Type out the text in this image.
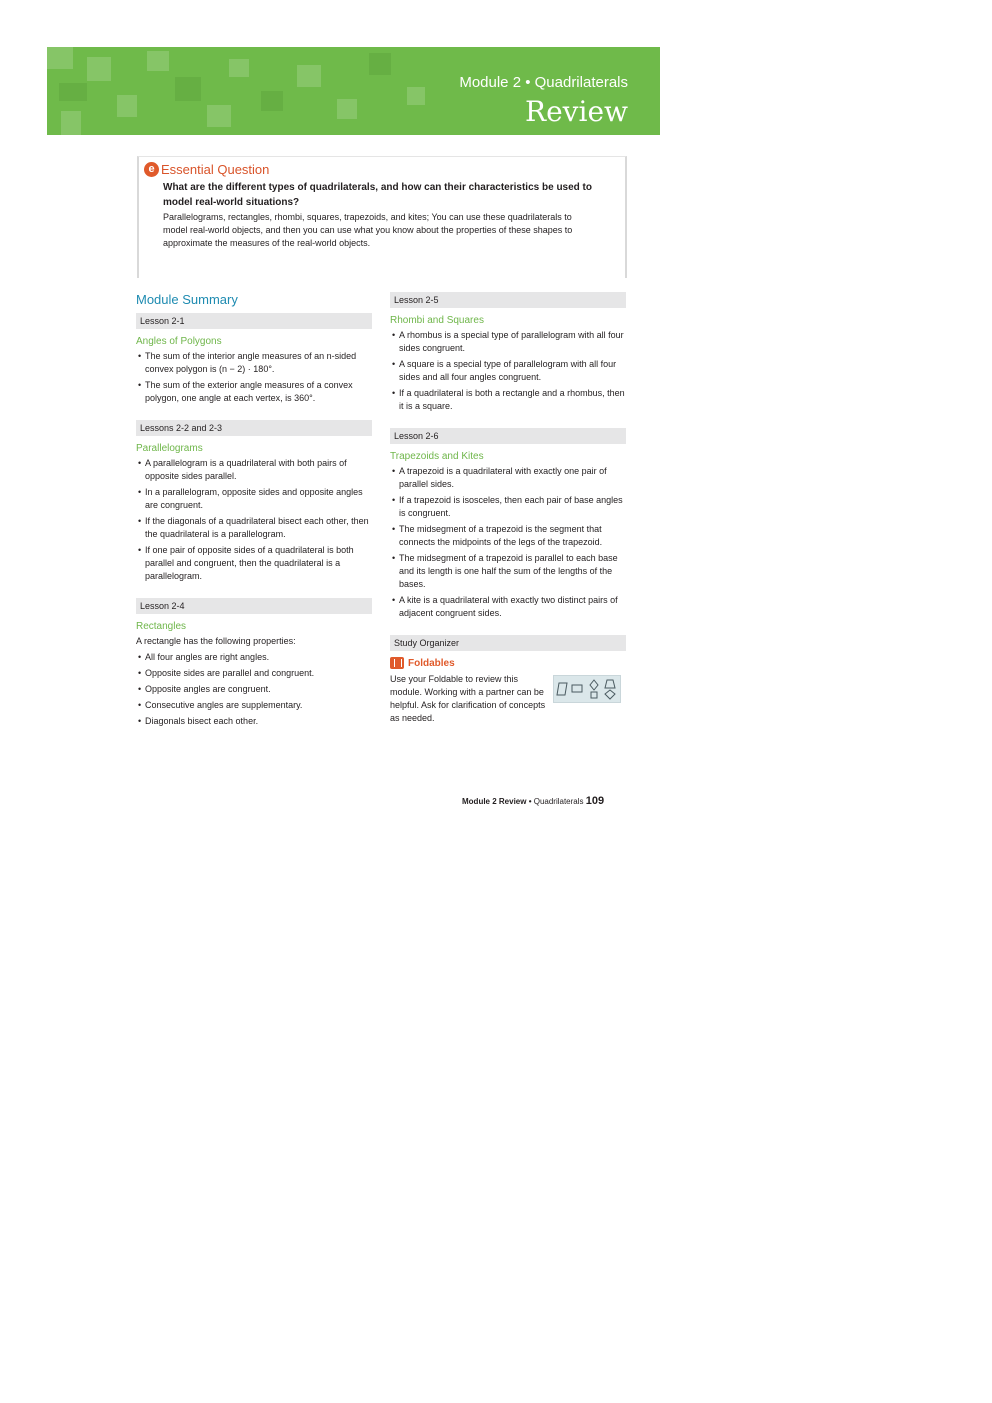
Module 2 • Quadrilaterals
Review
e Essential Question
What are the different types of quadrilaterals, and how can their characteristics be used to model real-world situations?
Parallelograms, rectangles, rhombi, squares, trapezoids, and kites; You can use these quadrilaterals to model real-world objects, and then you can use what you know about the properties of these shapes to approximate the measures of the real-world objects.
Module Summary
Lesson 2-1
Angles of Polygons
• The sum of the interior angle measures of an n-sided convex polygon is (n − 2) · 180°.
• The sum of the exterior angle measures of a convex polygon, one angle at each vertex, is 360°.
Lessons 2-2 and 2-3
Parallelograms
• A parallelogram is a quadrilateral with both pairs of opposite sides parallel.
• In a parallelogram, opposite sides and opposite angles are congruent.
• If the diagonals of a quadrilateral bisect each other, then the quadrilateral is a parallelogram.
• If one pair of opposite sides of a quadrilateral is both parallel and congruent, then the quadrilateral is a parallelogram.
Lesson 2-4
Rectangles
A rectangle has the following properties:
• All four angles are right angles.
• Opposite sides are parallel and congruent.
• Opposite angles are congruent.
• Consecutive angles are supplementary.
• Diagonals bisect each other.
Lesson 2-5
Rhombi and Squares
• A rhombus is a special type of parallelogram with all four sides congruent.
• A square is a special type of parallelogram with all four sides and all four angles congruent.
• If a quadrilateral is both a rectangle and a rhombus, then it is a square.
Lesson 2-6
Trapezoids and Kites
• A trapezoid is a quadrilateral with exactly one pair of parallel sides.
• If a trapezoid is isosceles, then each pair of base angles is congruent.
• The midsegment of a trapezoid is the segment that connects the midpoints of the legs of the trapezoid.
• The midsegment of a trapezoid is parallel to each base and its length is one half the sum of the lengths of the bases.
• A kite is a quadrilateral with exactly two distinct pairs of adjacent congruent sides.
Study Organizer
Foldables
Use your Foldable to review this module. Working with a partner can be helpful. Ask for clarification of concepts as needed.
Module 2 Review • Quadrilaterals 109
